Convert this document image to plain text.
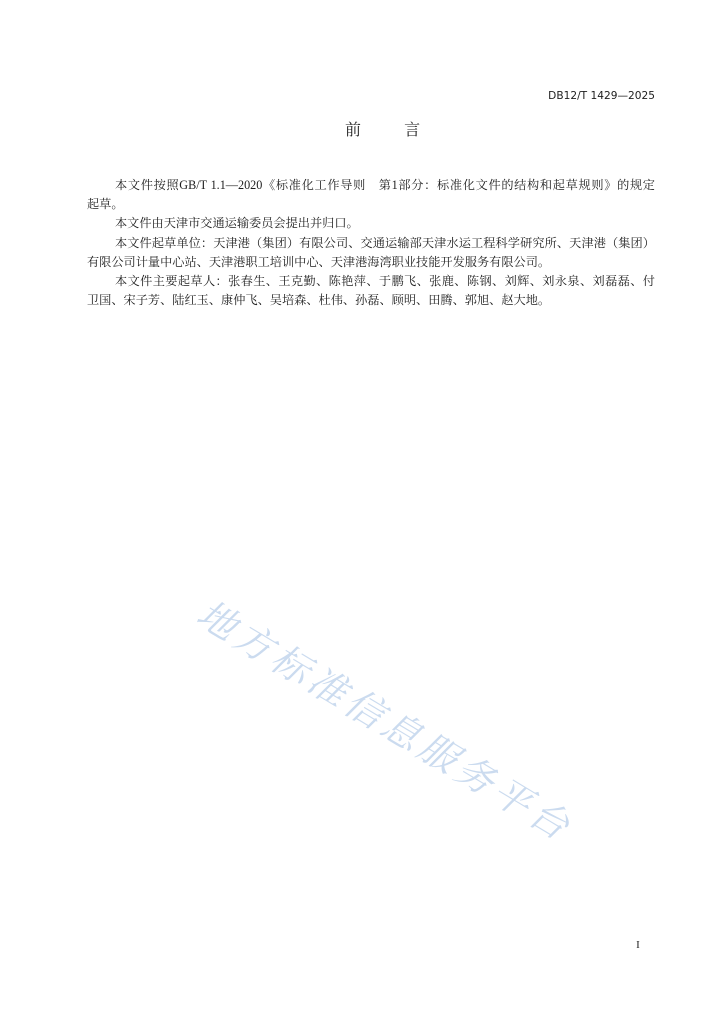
DB12/T 1429—2025
前　　言
本文件按照GB/T 1.1—2020《标准化工作导则　第1部分：标准化文件的结构和起草规则》的规定
起草。
本文件由天津市交通运输委员会提出并归口。
本文件起草单位：天津港（集团）有限公司、交通运输部天津水运工程科学研究所、天津港（集团）
有限公司计量中心站、天津港职工培训中心、天津港海湾职业技能开发服务有限公司。
本文件主要起草人：张春生、王克勤、陈艳萍、于鹏飞、张鹿、陈钢、刘辉、刘永泉、刘磊磊、付
卫国、宋子芳、陆红玉、康仲飞、吴培森、杜伟、孙磊、顾明、田腾、郭旭、赵大地。
地方标准信息服务平台
I
